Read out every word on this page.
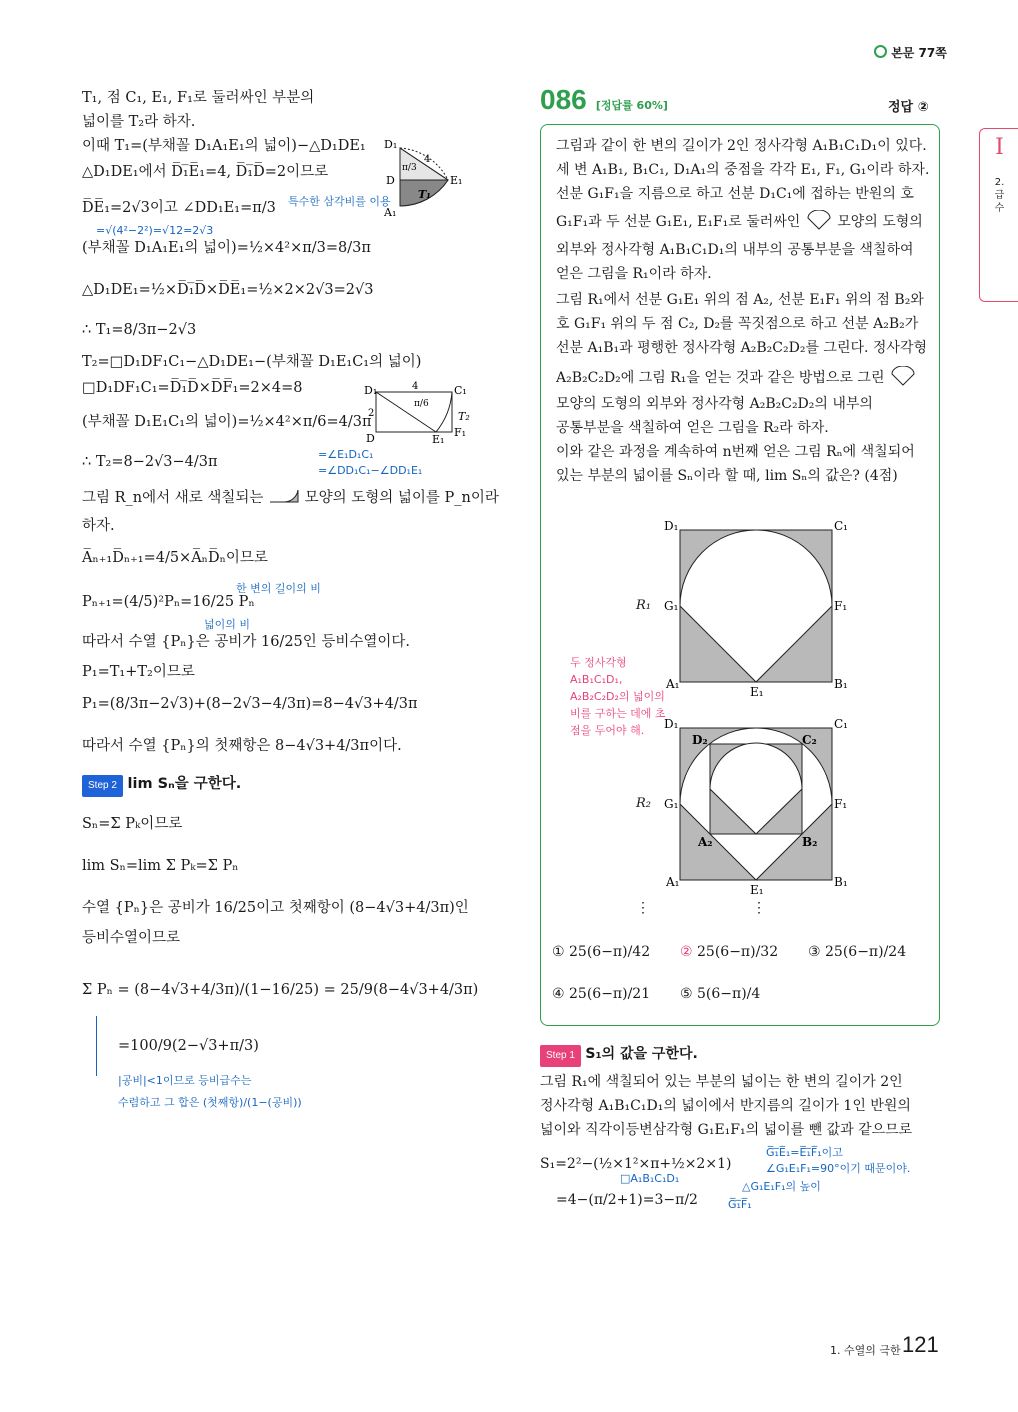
본문 77쪽
I
2. 급수
T₁, 점 C₁, E₁, F₁로 둘러싸인 부분의
넓이를 T₂라 하자.
이때 T₁=(부채꼴 D₁A₁E₁의 넓이)−△D₁DE₁
△D₁DE₁에서 D̅₁̅E̅₁=4, D̅₁̅D̅=2이므로
D̅E̅₁=2√3이고 ∠DD₁E₁=π/3 특수한 삼각비를 이용
=√(4²−2²)=√12=2√3
(부채꼴 D₁A₁E₁의 넓이)=½×4²×π/3=8/3π
D₁
D
A₁
E₁
T₁
4
π/3
△D₁DE₁=½×D̅₁̅D̅×D̅E̅₁=½×2×2√3=2√3
∴ T₁=8/3π−2√3
T₂=□D₁DF₁C₁−△D₁DE₁−(부채꼴 D₁E₁C₁의 넓이)
□D₁DF₁C₁=D̅₁̅D̅×D̅F̅₁=2×4=8
(부채꼴 D₁E₁C₁의 넓이)=½×4²×π/6=4/3π
=∠E₁D₁C₁
=∠DD₁C₁−∠DD₁E₁
∴ T₂=8−2√3−4/3π
D₁
D
C₁
E₁
F₁
T₂
4
2
π/6
그림 R_n에서 새로 색칠되는	모양의 도형의 넓이를 P_n이라
하자.
A̅ₙ₊₁D̅ₙ₊₁=4/5×A̅ₙD̅ₙ이므로
한 변의 길이의 비
Pₙ₊₁=(4/5)²Pₙ=16/25 Pₙ
넓이의 비
따라서 수열 {Pₙ}은 공비가 16/25인 등비수열이다.
P₁=T₁+T₂이므로
P₁=(8/3π−2√3)+(8−2√3−4/3π)=8−4√3+4/3π
따라서 수열 {Pₙ}의 첫째항은 8−4√3+4/3π이다.
Step 2 lim Sₙ을 구한다.
Sₙ=Σ Pₖ이므로
lim Sₙ=lim Σ Pₖ=Σ Pₙ
수열 {Pₙ}은 공비가 16/25이고 첫째항이 (8−4√3+4/3π)인
등비수열이므로
Σ Pₙ = (8−4√3+4/3π)/(1−16/25) = 25/9(8−4√3+4/3π)
=100/9(2−√3+π/3)
|공비|<1이므로 등비급수는
수렴하고 그 합은 (첫째항)/(1−(공비))
086 [정답률 60%]	정답 ②
그림과 같이 한 변의 길이가 2인 정사각형 A₁B₁C₁D₁이 있다.
세 변 A₁B₁, B₁C₁, D₁A₁의 중점을 각각 E₁, F₁, G₁이라 하자.
선분 G₁F₁을 지름으로 하고 선분 D₁C₁에 접하는 반원의 호
G₁F₁과 두 선분 G₁E₁, E₁F₁로 둘러싸인	모양의 도형의
외부와 정사각형 A₁B₁C₁D₁의 내부의 공통부분을 색칠하여
얻은 그림을 R₁이라 하자.
그림 R₁에서 선분 G₁E₁ 위의 점 A₂, 선분 E₁F₁ 위의 점 B₂와
호 G₁F₁ 위의 두 점 C₂, D₂를 꼭짓점으로 하고 선분 A₂B₂가
선분 A₁B₁과 평행한 정사각형 A₂B₂C₂D₂를 그린다. 정사각형
A₂B₂C₂D₂에 그림 R₁을 얻는 것과 같은 방법으로 그린
모양의 도형의 외부와 정사각형 A₂B₂C₂D₂의 내부의
공통부분을 색칠하여 얻은 그림을 R₂라 하자.
이와 같은 과정을 계속하여 n번째 얻은 그림 Rₙ에 색칠되어
있는 부분의 넓이를 Sₙ이라 할 때, lim Sₙ의 값은? (4점)
D₁	C₁
G₁	F₁
A₁
E₁
B₁
R₁
D₁	C₁
G₁	F₁
A₁
E₁
B₁
D₂	C₂
A₂	B₂
R₂
두 정사각형 A₁B₁C₁D₁, A₂B₂C₂D₂의 넓이의 비를 구하는 데에 초점을 두어야 해.
⋮	⋮
① 25(6−π)/42 ② 25(6−π)/32 ③ 25(6−π)/24
④ 25(6−π)/21 ⑤ 5(6−π)/4
Step 1 S₁의 값을 구한다.
그림 R₁에 색칠되어 있는 부분의 넓이는 한 변의 길이가 2인
정사각형 A₁B₁C₁D₁의 넓이에서 반지름의 길이가 1인 반원의
넓이와 직각이등변삼각형 G₁E₁F₁의 넓이를 뺀 값과 같으므로
S₁=2²−(½×1²×π+½×2×1)
=4−(π/2+1)=3−π/2
G̅₁̅E̅₁=E̅₁̅F̅₁이고
∠G₁E₁F₁=90°이기 때문이야.
□A₁B₁C₁D₁
△G₁E₁F₁의 높이
G̅₁̅F̅₁
1. 수열의 극한 121
